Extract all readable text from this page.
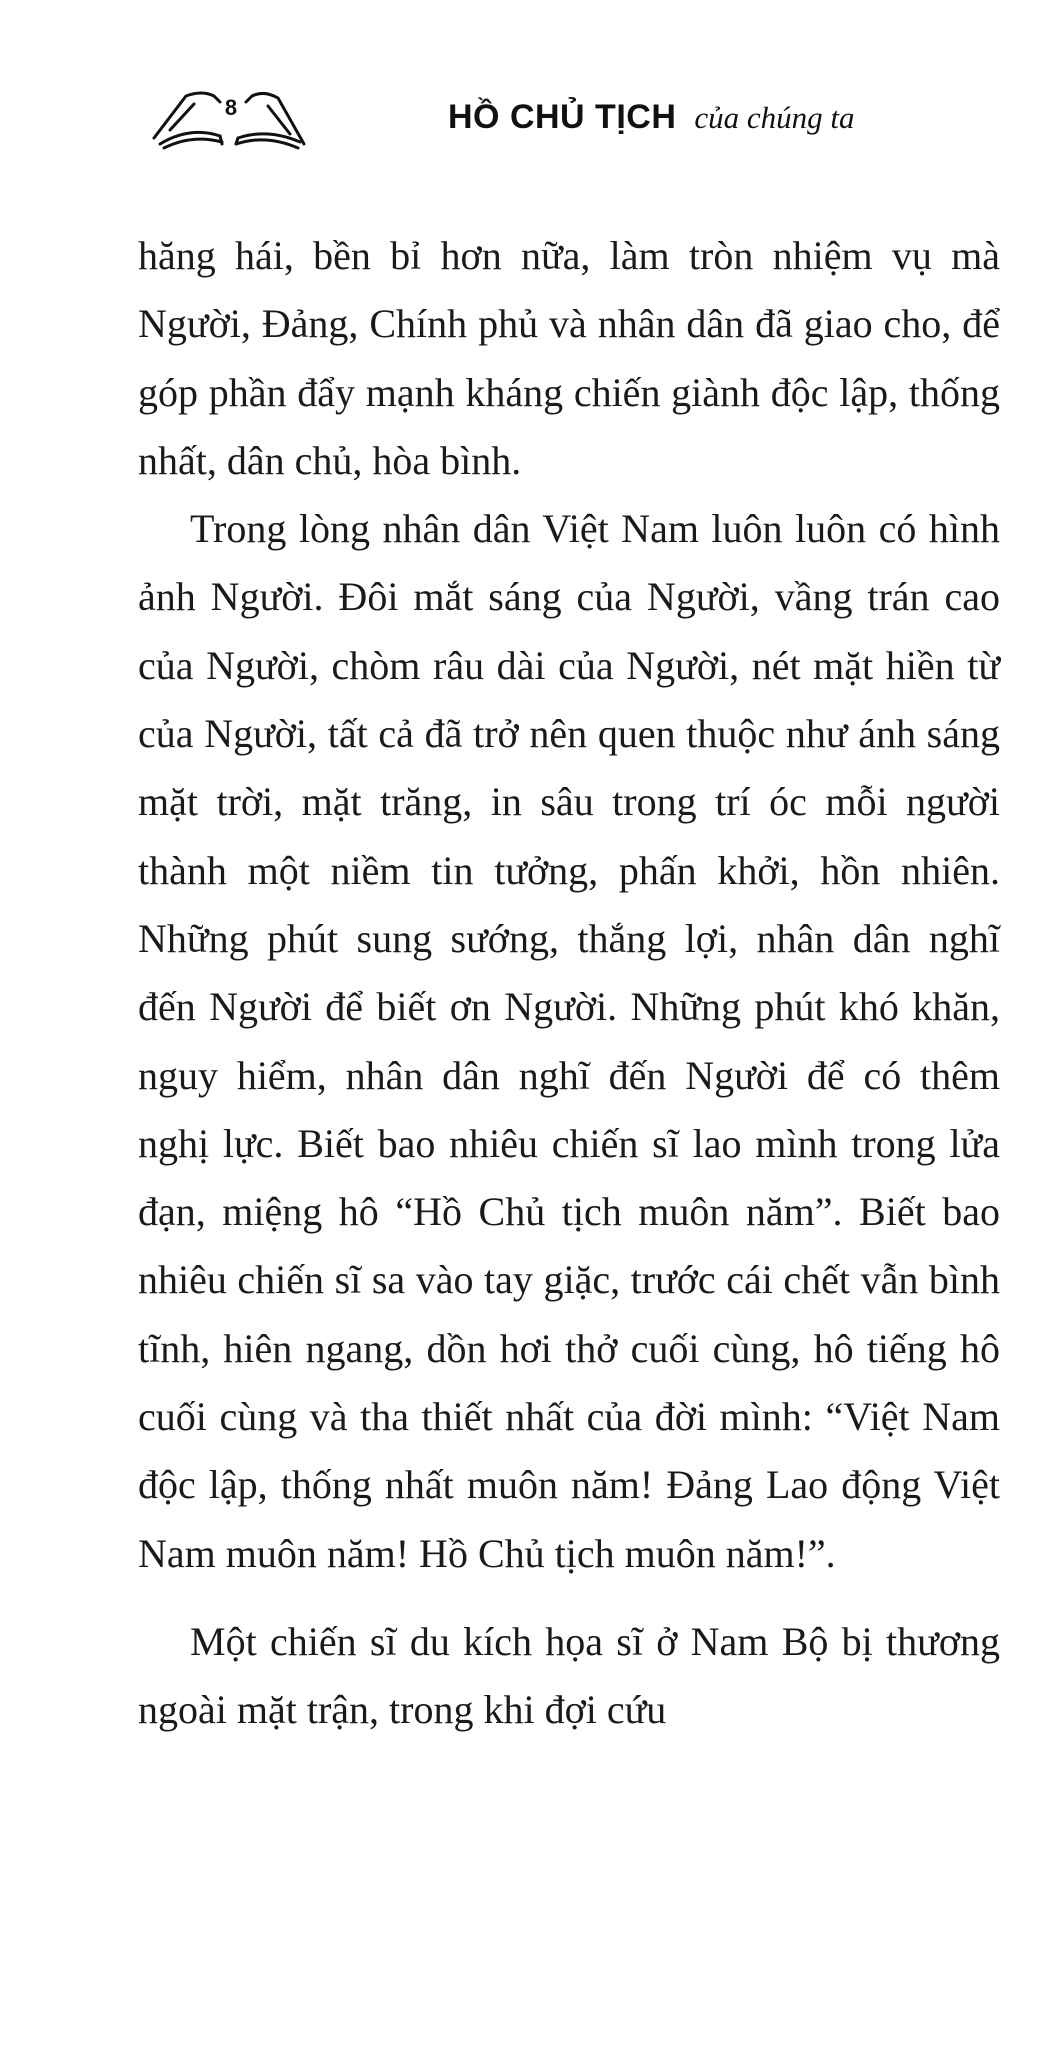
8	HỒ CHỦ TỊCH của chúng ta

hăng hái, bền bỉ hơn nữa, làm tròn nhiệm vụ mà Người, Đảng, Chính phủ và nhân dân đã giao cho, để góp phần đẩy mạnh kháng chiến giành độc lập, thống nhất, dân chủ, hòa bình.

Trong lòng nhân dân Việt Nam luôn luôn có hình ảnh Người. Đôi mắt sáng của Người, vầng trán cao của Người, chòm râu dài của Người, nét mặt hiền từ của Người, tất cả đã trở nên quen thuộc như ánh sáng mặt trời, mặt trăng, in sâu trong trí óc mỗi người thành một niềm tin tưởng, phấn khởi, hồn nhiên. Những phút sung sướng, thắng lợi, nhân dân nghĩ đến Người để biết ơn Người. Những phút khó khăn, nguy hiểm, nhân dân nghĩ đến Người để có thêm nghị lực. Biết bao nhiêu chiến sĩ lao mình trong lửa đạn, miệng hô “Hồ Chủ tịch muôn năm”. Biết bao nhiêu chiến sĩ sa vào tay giặc, trước cái chết vẫn bình tĩnh, hiên ngang, dồn hơi thở cuối cùng, hô tiếng hô cuối cùng và tha thiết nhất của đời mình: “Việt Nam độc lập, thống nhất muôn năm! Đảng Lao động Việt Nam muôn năm! Hồ Chủ tịch muôn năm!”.

Một chiến sĩ du kích họa sĩ ở Nam Bộ bị thương ngoài mặt trận, trong khi đợi cứu
